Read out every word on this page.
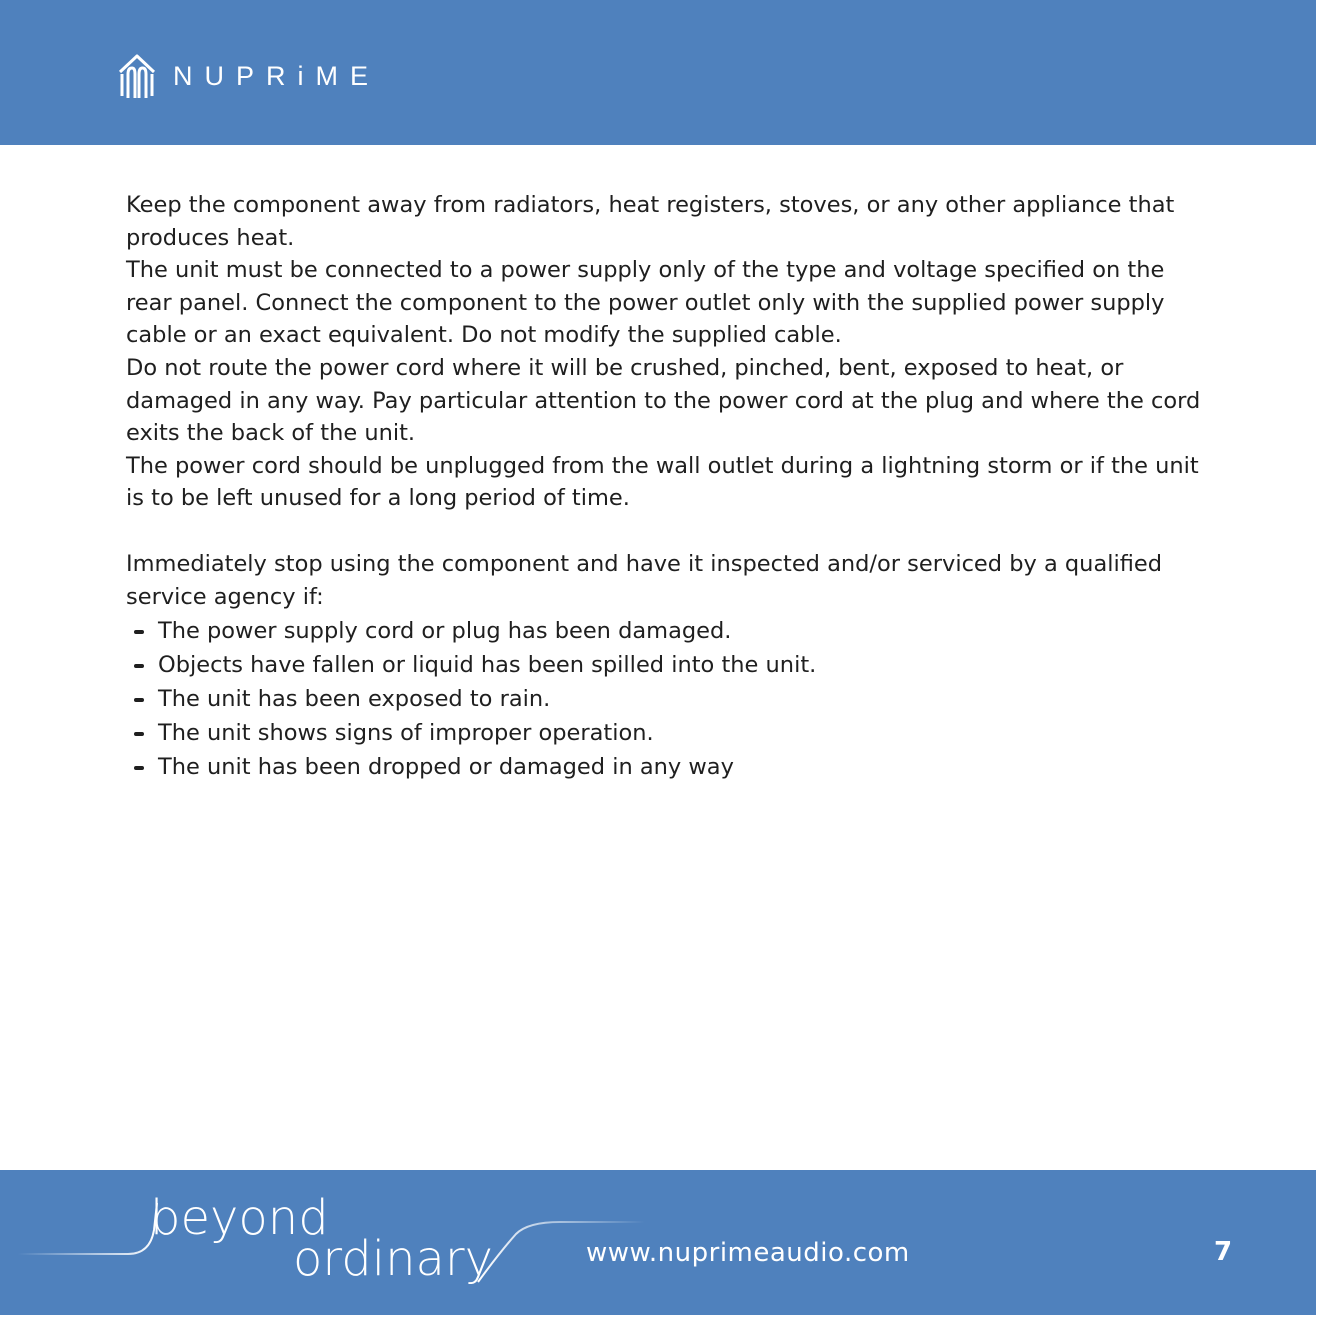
NUPRiME

Keep the component away from radiators, heat registers, stoves, or any other appliance that produces heat.

The unit must be connected to a power supply only of the type and voltage specified on the rear panel. Connect the component to the power outlet only with the supplied power supply cable or an exact equivalent. Do not modify the supplied cable.

Do not route the power cord where it will be crushed, pinched, bent, exposed to heat, or damaged in any way. Pay particular attention to the power cord at the plug and where the cord exits the back of the unit.

The power cord should be unplugged from the wall outlet during a lightning storm or if the unit is to be left unused for a long period of time.

Immediately stop using the component and have it inspected and/or serviced by a qualified service agency if:

The power supply cord or plug has been damaged.
Objects have fallen or liquid has been spilled into the unit.
The unit has been exposed to rain.
The unit shows signs of improper operation.
The unit has been dropped or damaged in any way
beyond
ordinary	www.nuprimeaudio.com	7
